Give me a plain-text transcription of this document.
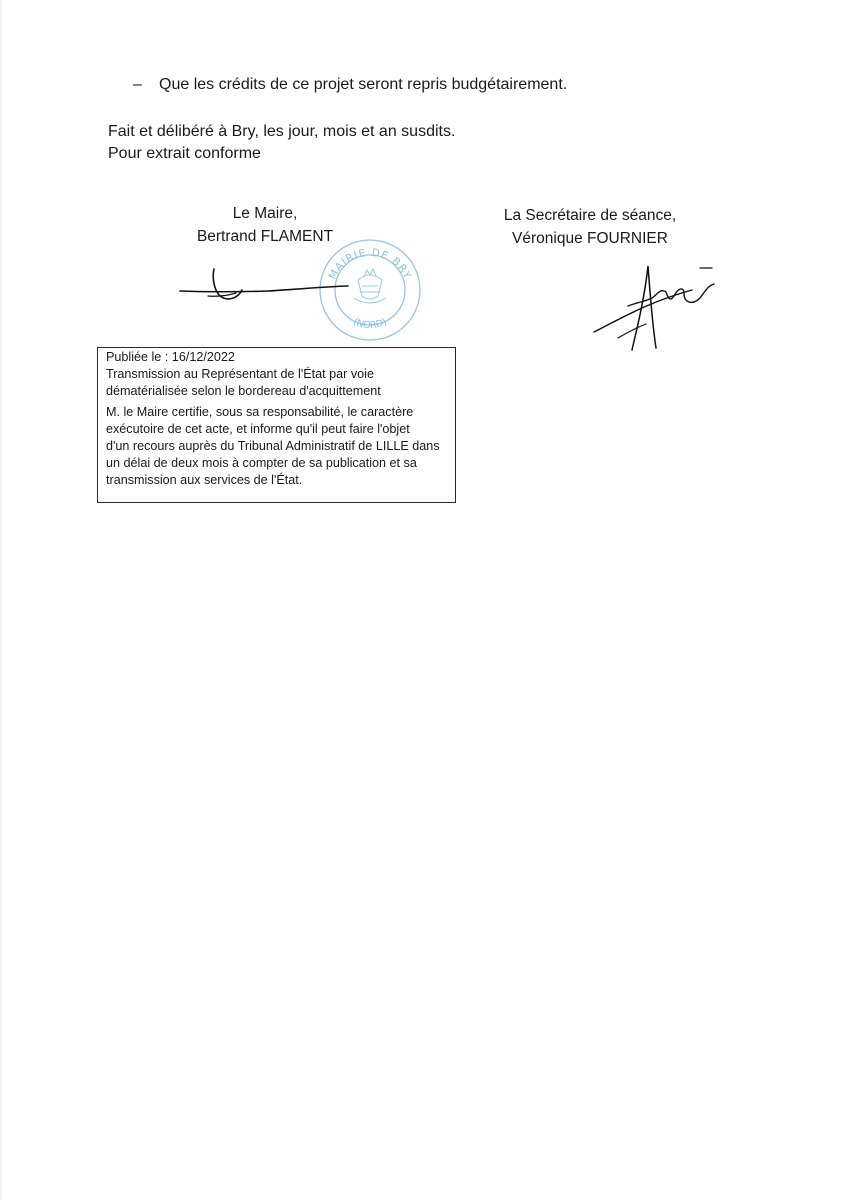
– Que les crédits de ce projet seront repris budgétairement.
Fait et délibéré à Bry, les jour, mois et an susdits.
Pour extrait conforme
Le Maire,
Bertrand FLAMENT
La Secrétaire de séance,
Véronique FOURNIER
MAIRIE DE BRY
(NORD)

Publiée le : 16/12/2022

Transmission au Représentant de l'État par voie

dématérialisée selon le bordereau d'acquittement

M. le Maire certifie, sous sa responsabilité, le caractère

exécutoire de cet acte, et informe qu'il peut faire l'objet

d'un recours auprès du Tribunal Administratif de LILLE dans

un délai de deux mois à compter de sa publication et sa

transmission aux services de l'État.
